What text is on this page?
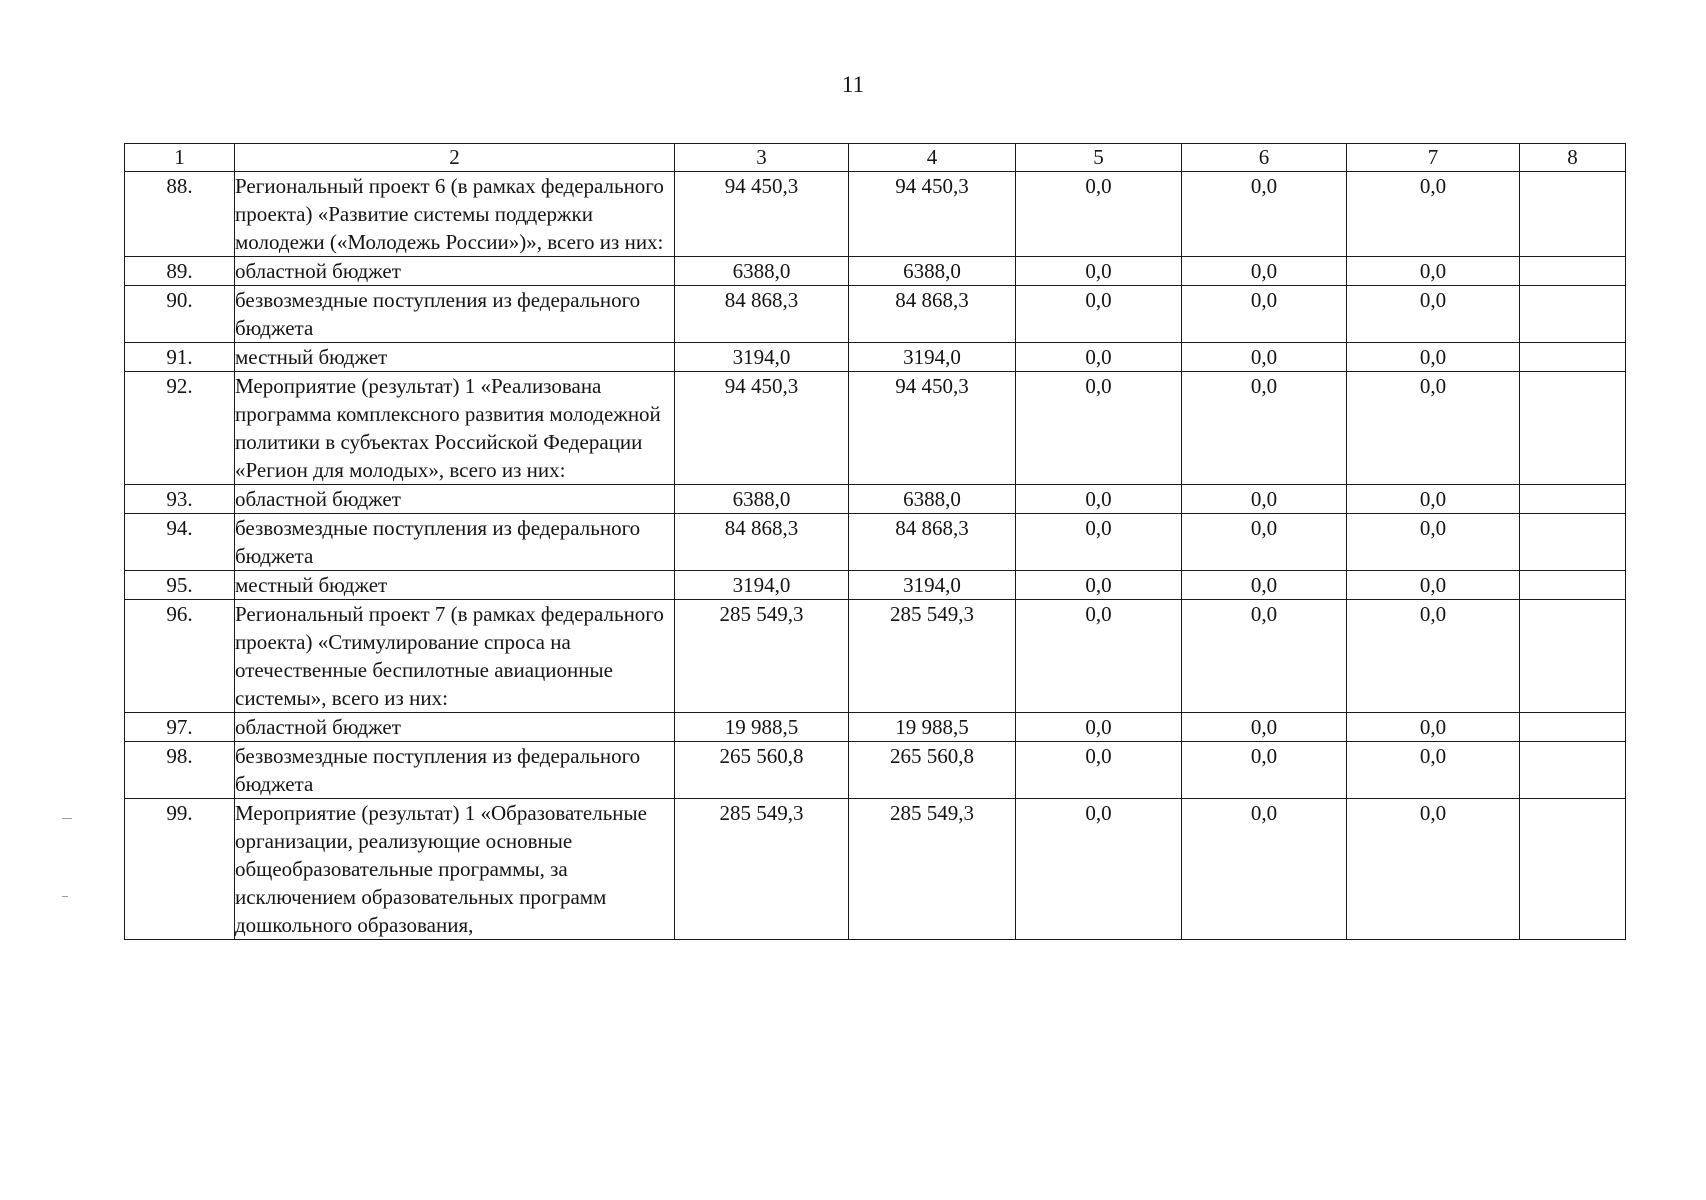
11
1	2	3	4	5	6	7	8
88.	Региональный проект 6 (в рамках федерального проекта) «Развитие системы поддержки молодежи («Молодежь России»)», всего из них:	94 450,3	94 450,3	0,0	0,0	0,0	
89.	областной бюджет	6388,0	6388,0	0,0	0,0	0,0	
90.	безвозмездные поступления из федерального бюджета	84 868,3	84 868,3	0,0	0,0	0,0	
91.	местный бюджет	3194,0	3194,0	0,0	0,0	0,0	
92.	Мероприятие (результат) 1 «Реализована программа комплексного развития молодежной политики в субъектах Российской Федерации «Регион для молодых», всего из них:	94 450,3	94 450,3	0,0	0,0	0,0	
93.	областной бюджет	6388,0	6388,0	0,0	0,0	0,0	
94.	безвозмездные поступления из федерального бюджета	84 868,3	84 868,3	0,0	0,0	0,0	
95.	местный бюджет	3194,0	3194,0	0,0	0,0	0,0	
96.	Региональный проект 7 (в рамках федерального проекта) «Стимулирование спроса на отечественные беспилотные авиационные системы», всего из них:	285 549,3	285 549,3	0,0	0,0	0,0	
97.	областной бюджет	19 988,5	19 988,5	0,0	0,0	0,0	
98.	безвозмездные поступления из федерального бюджета	265 560,8	265 560,8	0,0	0,0	0,0	
99.	Мероприятие (результат) 1 «Образовательные организации, реализующие основные общеобразовательные программы, за исключением образовательных программ дошкольного образования,	285 549,3	285 549,3	0,0	0,0	0,0	
